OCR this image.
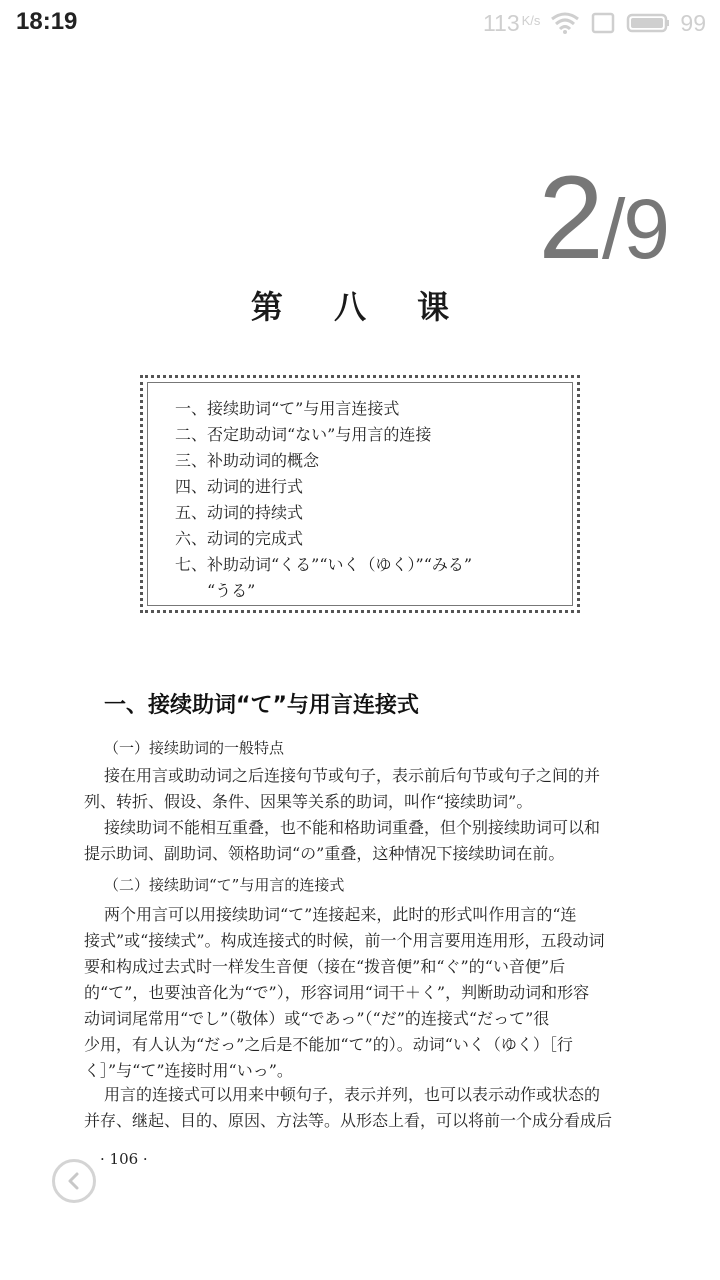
18:19	113 $^{K/s}$	99
2/9
第 八 课
一、接续助词“て”与用言连接式
二、否定助动词“ない”与用言的连接
三、补助动词的概念
四、动词的进行式
五、动词的持续式
六、动词的完成式
七、补助动词“くる”“いく（ゆく）”“みる”
“うる”
一、接续助词“て”与用言连接式
（一）接续助词的一般特点
接在用言或助动词之后连接句节或句子，表示前后句节或句子之间的并
列、转折、假设、条件、因果等关系的助词，叫作“接续助词”。
接续助词不能相互重叠，也不能和格助词重叠，但个别接续助词可以和
提示助词、副助词、领格助词“の”重叠，这种情况下接续助词在前。
（二）接续助词“て”与用言的连接式
两个用言可以用接续助词“て”连接起来，此时的形式叫作用言的“连
接式”或“接续式”。构成连接式的时候，前一个用言要用连用形，五段动词
要和构成过去式时一样发生音便（接在“拨音便”和“ぐ”的“い音便”后
的“て”，也要浊音化为“で”），形容词用“词干＋く”，判断助动词和形容
动词词尾常用“でし”（敬体）或“であっ”（“だ”的连接式“だって”很
少用，有人认为“だっ”之后是不能加“て”的）。动词“いく（ゆく）［行
く］”与“て”连接时用“いっ”。
用言的连接式可以用来中顿句子，表示并列，也可以表示动作或状态的
并存、继起、目的、原因、方法等。从形态上看，可以将前一个成分看成后
· 106 ·
